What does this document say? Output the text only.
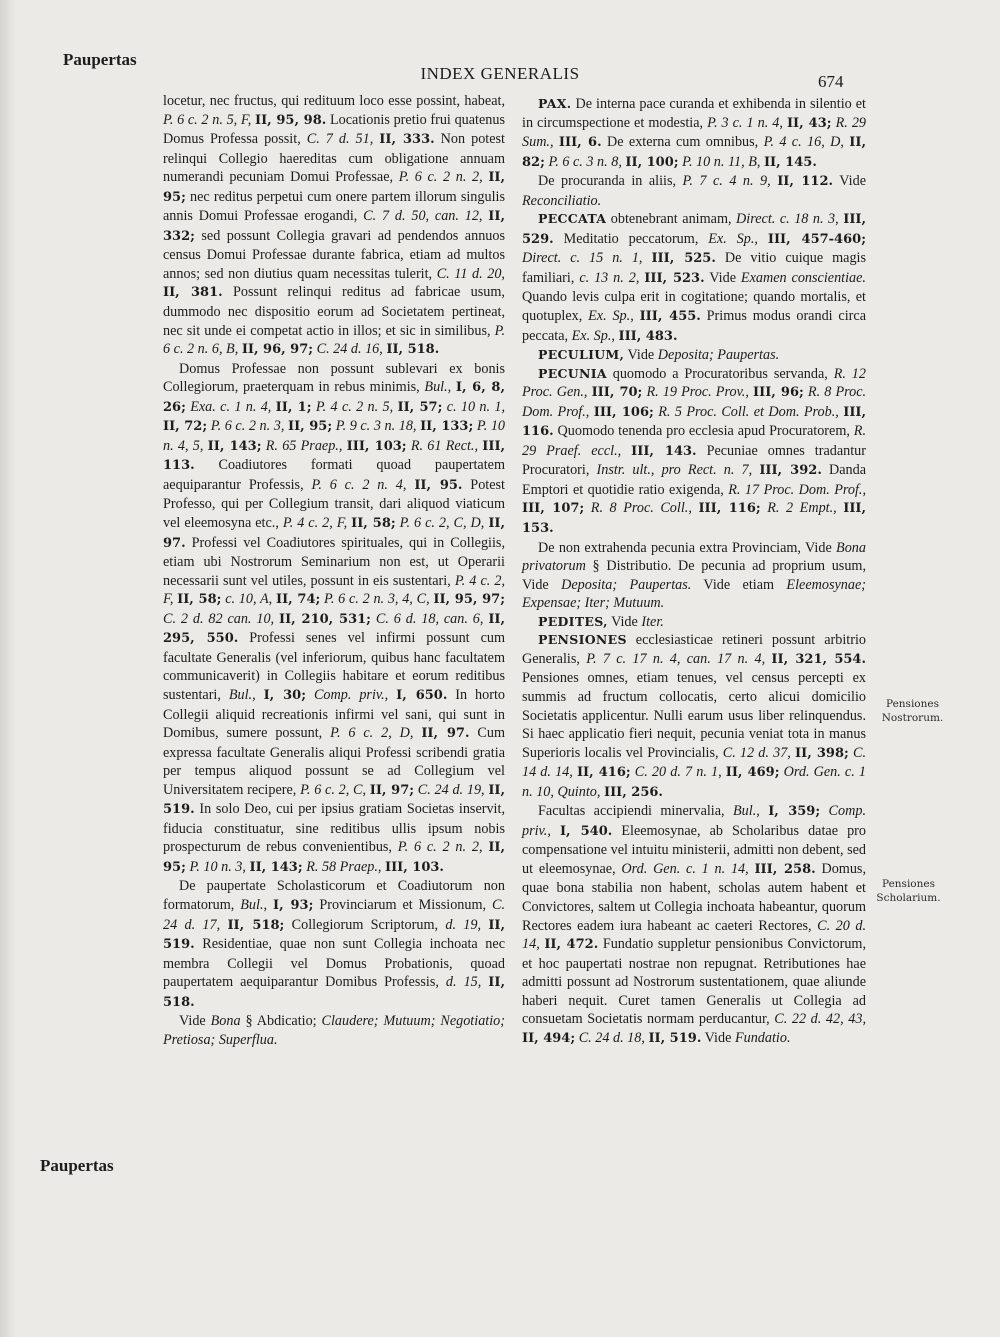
Paupertas
INDEX GENERALIS	674

locetur, nec fructus, qui redituum loco esse possint, habeat, P. 6 c. 2 n. 5, F, II, 95, 98. Locationis pretio frui quatenus Domus Professa possit, C. 7 d. 51, II, 333. Non potest relinqui Collegio haereditas cum obligatione annuam numerandi pecuniam Domui Professae, P. 6 c. 2 n. 2, II, 95; nec reditus perpetui cum onere partem illorum singulis annis Domui Professae erogandi, C. 7 d. 50, can. 12, II, 332; sed possunt Collegia gravari ad pendendos annuos census Domui Professae durante fabrica, etiam ad multos annos; sed non diutius quam necessitas tulerit, C. 11 d. 20, II, 381. Possunt relinqui reditus ad fabricae usum, dummodo nec dispositio eorum ad Societatem pertineat, nec sit unde ei competat actio in illos; et sic in similibus, P. 6 c. 2 n. 6, B, II, 96, 97; C. 24 d. 16, II, 518.

Domus Professae non possunt sublevari ex bonis Collegiorum, praeterquam in rebus minimis, Bul., I, 6, 8, 26; Exa. c. 1 n. 4, II, 1; P. 4 c. 2 n. 5, II, 57; c. 10 n. 1, II, 72; P. 6 c. 2 n. 3, II, 95; P. 9 c. 3 n. 18, II, 133; P. 10 n. 4, 5, II, 143; R. 65 Praep., III, 103; R. 61 Rect., III, 113. Coadiutores formati quoad paupertatem aequiparantur Professis, P. 6 c. 2 n. 4, II, 95. Potest Professo, qui per Collegium transit, dari aliquod viaticum vel eleemosyna etc., P. 4 c. 2, F, II, 58; P. 6 c. 2, C, D, II, 97. Professi vel Coadiutores spirituales, qui in Collegiis, etiam ubi Nostrorum Seminarium non est, ut Operarii necessarii sunt vel utiles, possunt in eis sustentari, P. 4 c. 2, F, II, 58; c. 10, A, II, 74; P. 6 c. 2 n. 3, 4, C, II, 95, 97; C. 2 d. 82 can. 10, II, 210, 531; C. 6 d. 18, can. 6, II, 295, 550. Professi senes vel infirmi possunt cum facultate Generalis (vel inferiorum, quibus hanc facultatem communicaverit) in Collegiis habitare et eorum reditibus sustentari, Bul., I, 30; Comp. priv., I, 650. In horto Collegii aliquid recreationis infirmi vel sani, qui sunt in Domibus, sumere possunt, P. 6 c. 2, D, II, 97. Cum expressa facultate Generalis aliqui Professi scribendi gratia per tempus aliquod possunt se ad Collegium vel Universitatem recipere, P. 6 c. 2, C, II, 97; C. 24 d. 19, II, 519. In solo Deo, cui per ipsius gratiam Societas inservit, fiducia constituatur, sine reditibus ullis ipsum nobis prospecturum de rebus convenientibus, P. 6 c. 2 n. 2, II, 95; P. 10 n. 3, II, 143; R. 58 Praep., III, 103.

De paupertate Scholasticorum et Coadiutorum non formatorum, Bul., I, 93; Provinciarum et Missionum, C. 24 d. 17, II, 518; Collegiorum Scriptorum, d. 19, II, 519. Residentiae, quae non sunt Collegia inchoata nec membra Collegii vel Domus Probationis, quoad paupertatem aequiparantur Domibus Professis, d. 15, II, 518.

Vide Bona § Abdicatio; Claudere; Mutuum; Negotiatio; Pretiosa; Superflua.

PAX. De interna pace curanda et exhibenda in silentio et in circumspectione et modestia, P. 3 c. 1 n. 4, II, 43; R. 29 Sum., III, 6. De externa cum omnibus, P. 4 c. 16, D, II, 82; P. 6 c. 3 n. 8, II, 100; P. 10 n. 11, B, II, 145.

De procuranda in aliis, P. 7 c. 4 n. 9, II, 112. Vide Reconciliatio.

PECCATA obtenebrant animam, Direct. c. 18 n. 3, III, 529. Meditatio peccatorum, Ex. Sp., III, 457-460; Direct. c. 15 n. 1, III, 525. De vitio cuique magis familiari, c. 13 n. 2, III, 523. Vide Examen conscientiae. Quando levis culpa erit in cogitatione; quando mortalis, et quotuplex, Ex. Sp., III, 455. Primus modus orandi circa peccata, Ex. Sp., III, 483.

PECULIUM, Vide Deposita; Paupertas.

PECUNIA quomodo a Procuratoribus servanda, R. 12 Proc. Gen., III, 70; R. 19 Proc. Prov., III, 96; R. 8 Proc. Dom. Prof., III, 106; R. 5 Proc. Coll. et Dom. Prob., III, 116. Quomodo tenenda pro ecclesia apud Procuratorem, R. 29 Praef. eccl., III, 143. Pecuniae omnes tradantur Procuratori, Instr. ult., pro Rect. n. 7, III, 392. Danda Emptori et quotidie ratio exigenda, R. 17 Proc. Dom. Prof., III, 107; R. 8 Proc. Coll., III, 116; R. 2 Empt., III, 153.

De non extrahenda pecunia extra Provinciam, Vide Bona privatorum § Distributio. De pecunia ad proprium usum, Vide Deposita; Paupertas. Vide etiam Eleemosynae; Expensae; Iter; Mutuum.

PEDITES, Vide Iter.

PENSIONES ecclesiasticae retineri possunt arbitrio Generalis, P. 7 c. 17 n. 4, can. 17 n. 4, II, 321, 554. Pensiones omnes, etiam tenues, vel census percepti ex summis ad fructum collocatis, certo alicui domicilio Societatis applicentur. Nulli earum usus liber relinquendus. Si haec applicatio fieri nequit, pecunia veniat tota in manus Superioris localis vel Provincialis, C. 12 d. 37, II, 398; C. 14 d. 14, II, 416; C. 20 d. 7 n. 1, II, 469; Ord. Gen. c. 1 n. 10, Quinto, III, 256.

Facultas accipiendi minervalia, Bul., I, 359; Comp. priv., I, 540. Eleemosynae, ab Scholaribus datae pro compensatione vel intuitu ministerii, admitti non debent, sed ut eleemosynae, Ord. Gen. c. 1 n. 14, III, 258. Domus, quae bona stabilia non habent, scholas autem habent et Convictores, saltem ut Collegia inchoata habeantur, quorum Rectores eadem iura habeant ac caeteri Rectores, C. 20 d. 14, II, 472. Fundatio suppletur pensionibus Convictorum, et hoc paupertati nostrae non repugnat. Retributiones hae admitti possunt ad Nostrorum sustentationem, quae aliunde haberi nequit. Curet tamen Generalis ut Collegia ad consuetam Societatis normam perducantur, C. 22 d. 42, 43, II, 494; C. 24 d. 18, II, 519. Vide Fundatio.

Pensiones
Nostrorum.
Pensiones
Scholarium.
Paupertas
